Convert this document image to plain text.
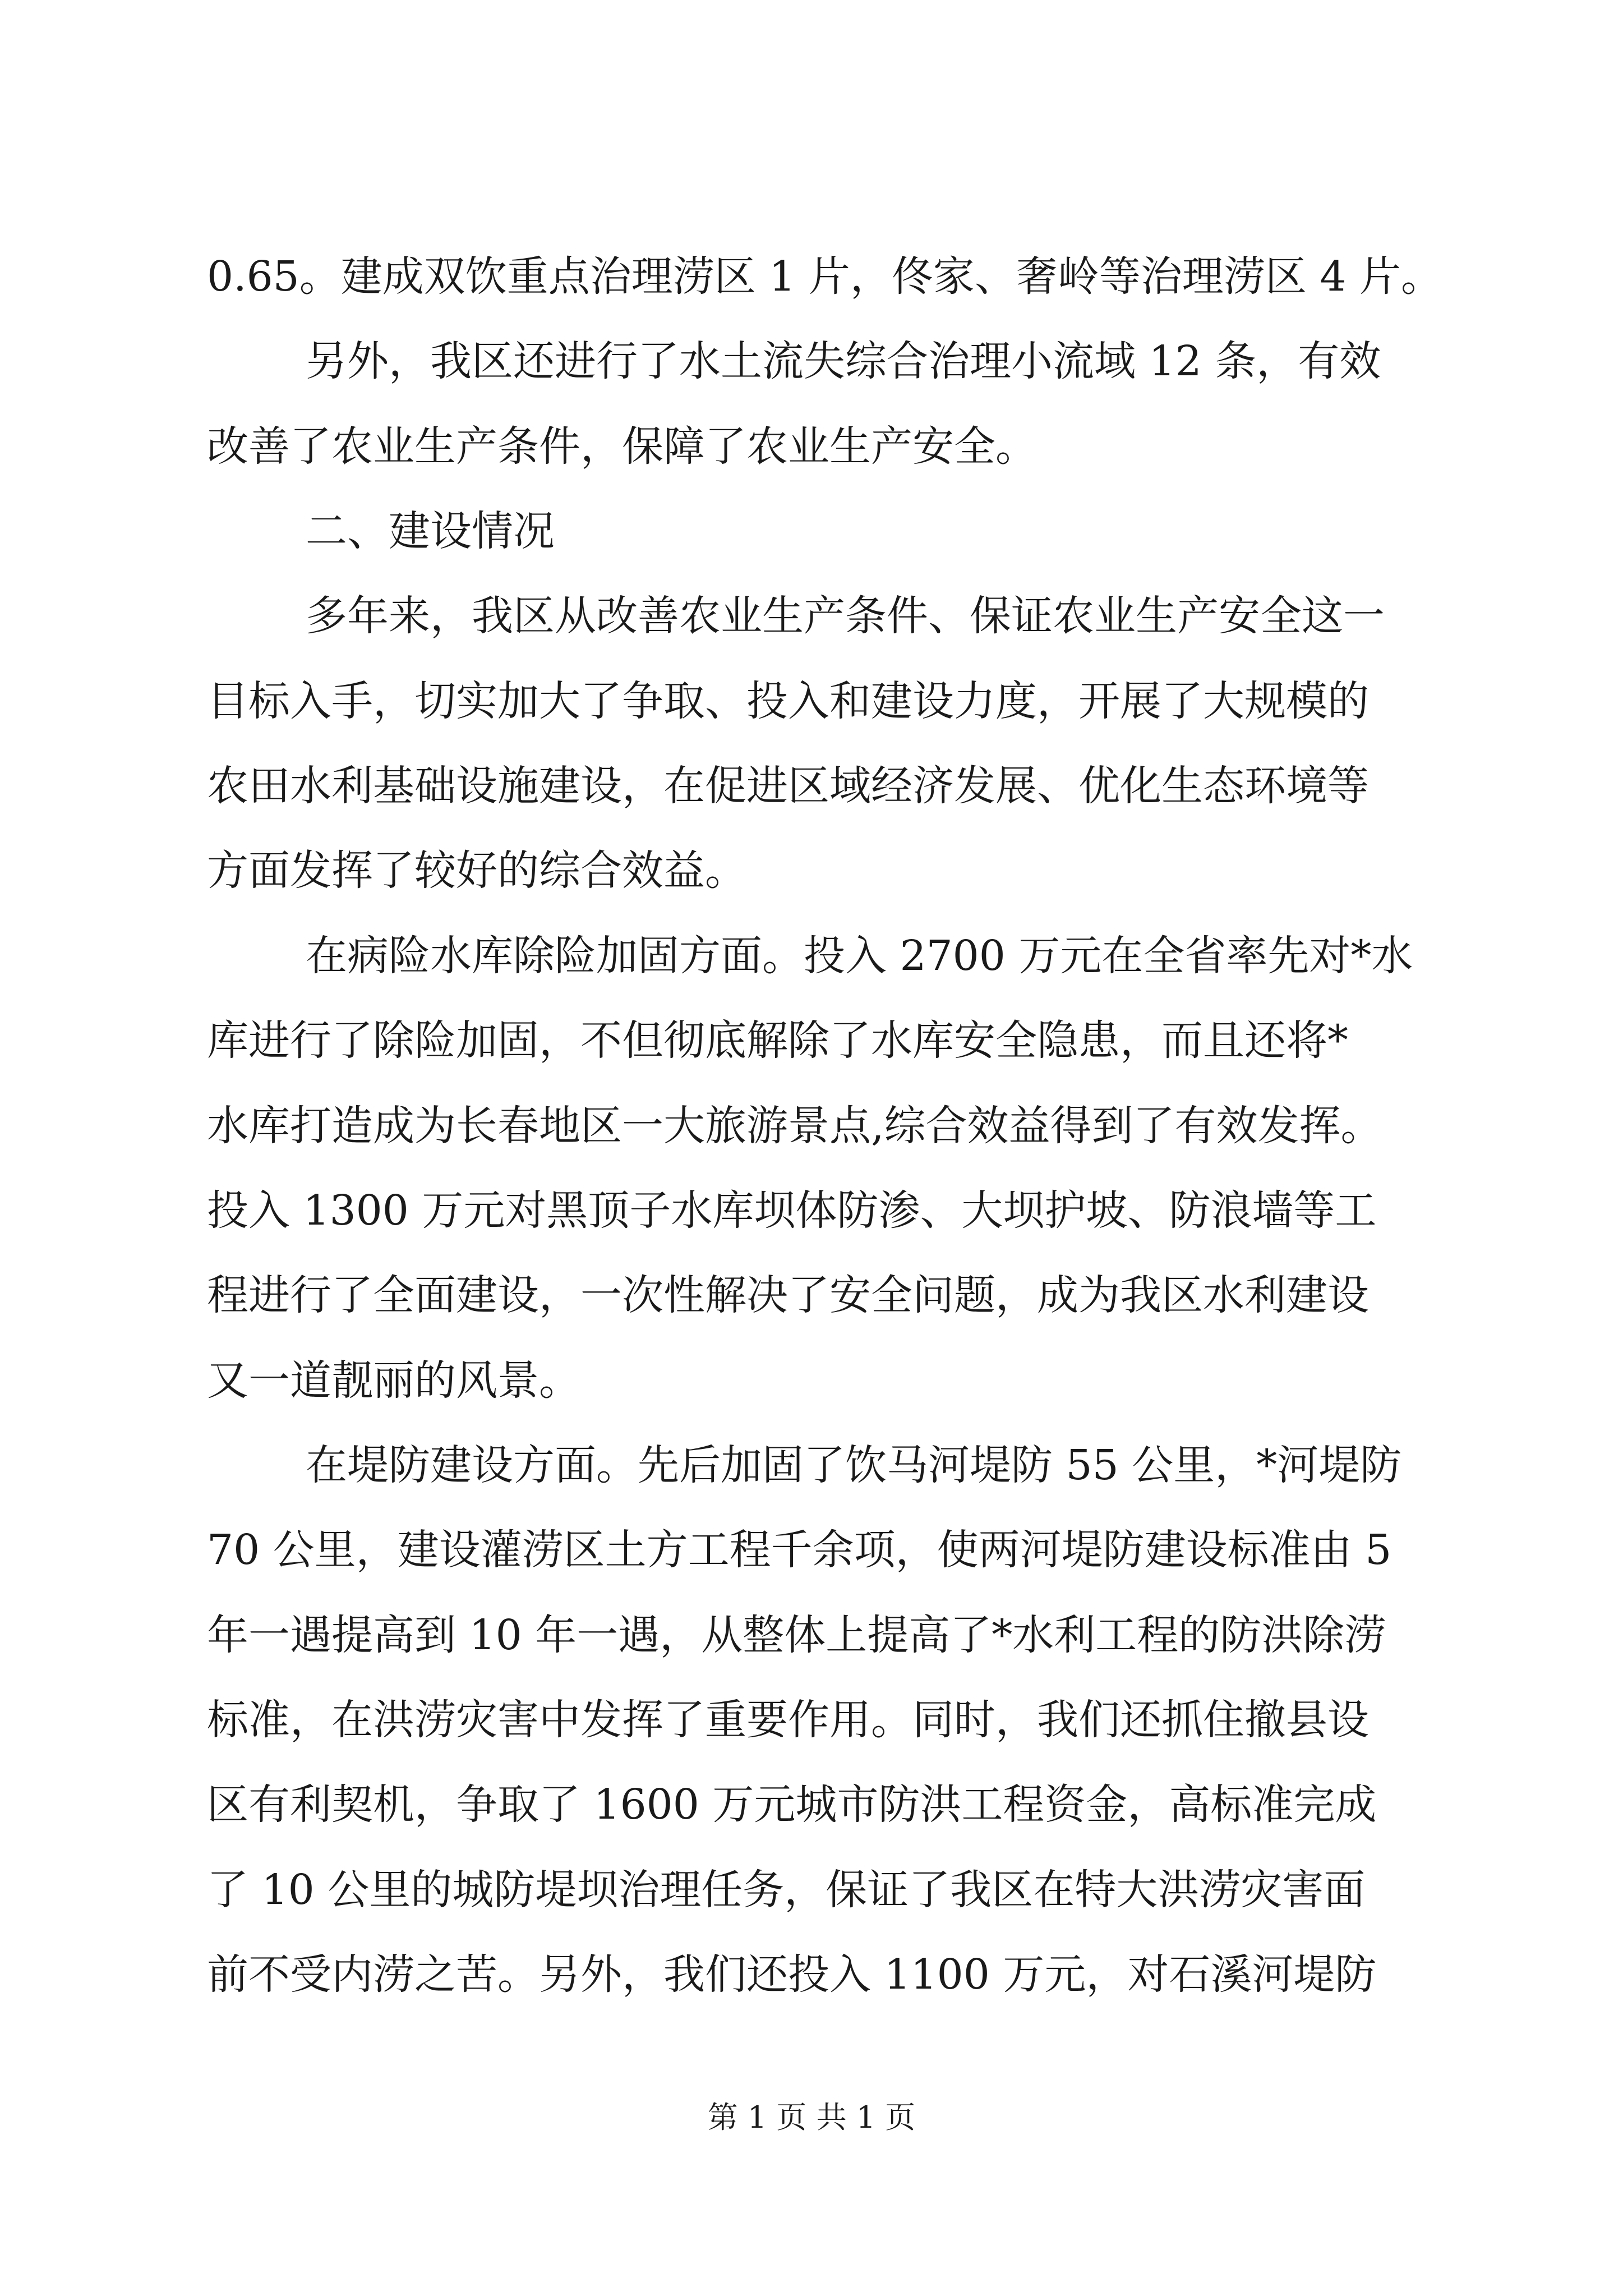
0.65。建成双饮重点治理涝区 1 片，佟家、奢岭等治理涝区 4 片。
另外，我区还进行了水土流失综合治理小流域 12 条，有效
改善了农业生产条件，保障了农业生产安全。
二、建设情况
多年来，我区从改善农业生产条件、保证农业生产安全这一
目标入手，切实加大了争取、投入和建设力度，开展了大规模的
农田水利基础设施建设，在促进区域经济发展、优化生态环境等
方面发挥了较好的综合效益。
在病险水库除险加固方面。投入 2700 万元在全省率先对*水
库进行了除险加固，不但彻底解除了水库安全隐患，而且还将*
水库打造成为长春地区一大旅游景点,综合效益得到了有效发挥。
投入 1300 万元对黑顶子水库坝体防渗、大坝护坡、防浪墙等工
程进行了全面建设，一次性解决了安全问题，成为我区水利建设
又一道靓丽的风景。
在堤防建设方面。先后加固了饮马河堤防 55 公里，*河堤防
70 公里，建设灌涝区土方工程千余项，使两河堤防建设标准由 5
年一遇提高到 10 年一遇，从整体上提高了*水利工程的防洪除涝
标准，在洪涝灾害中发挥了重要作用。同时，我们还抓住撤县设
区有利契机，争取了 1600 万元城市防洪工程资金，高标准完成
了 10 公里的城防堤坝治理任务，保证了我区在特大洪涝灾害面
前不受内涝之苦。另外，我们还投入 1100 万元，对石溪河堤防
第 1 页 共 1 页
